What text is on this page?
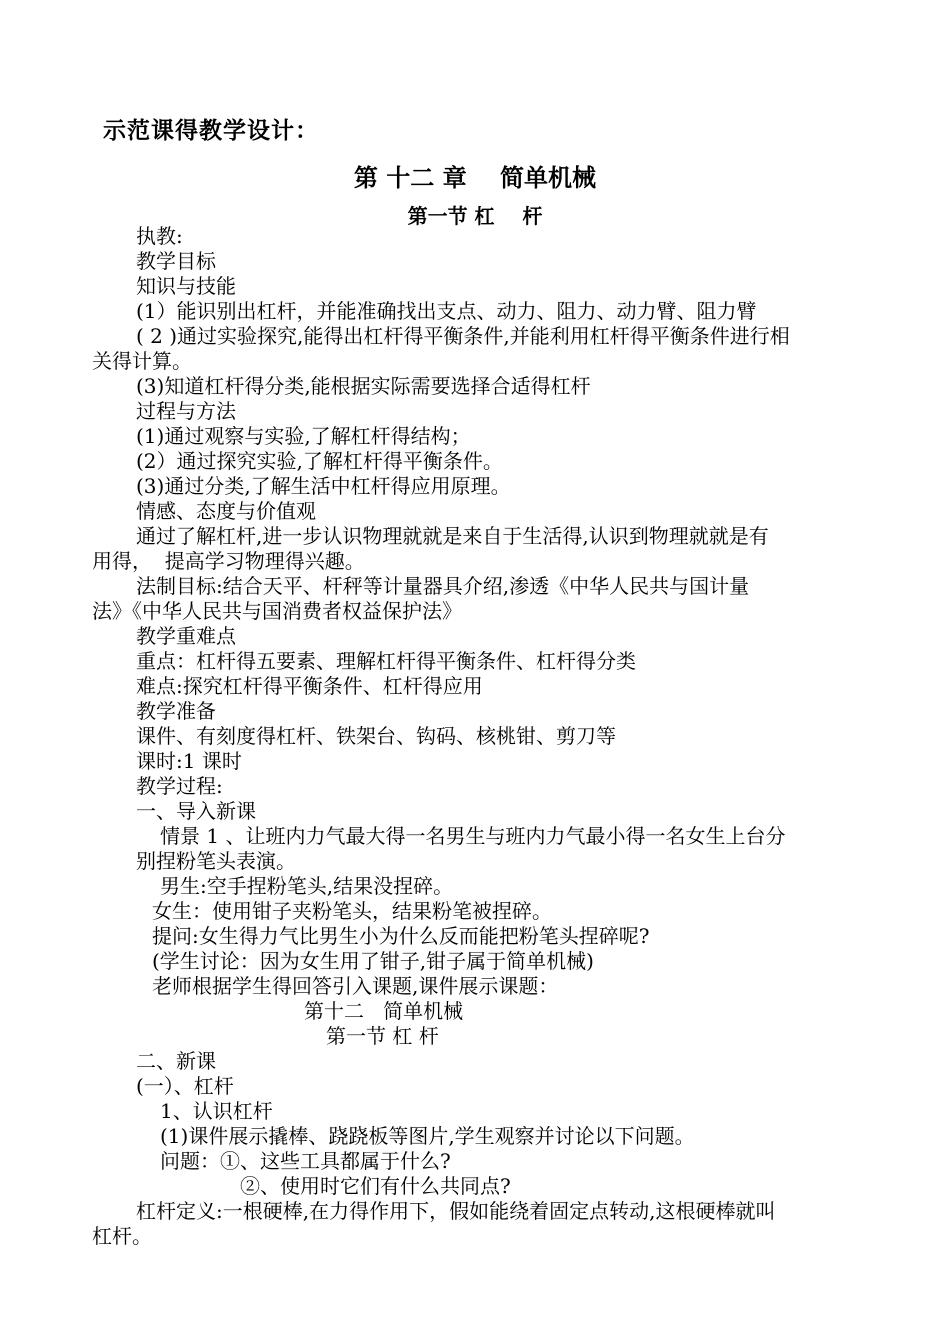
示范课得教学设计：
第 十二 章    简单机械
第一节 杠    杆
执教:
教学目标
知识与技能
(1）能识别出杠杆，并能准确找出支点、动力、阻力、动力臂、阻力臂
( 2 )通过实验探究,能得出杠杆得平衡条件,并能利用杠杆得平衡条件进行相
关得计算。
(3)知道杠杆得分类,能根据实际需要选择合适得杠杆
过程与方法
(1)通过观察与实验,了解杠杆得结构；
(2）通过探究实验,了解杠杆得平衡条件。
(3)通过分类,了解生活中杠杆得应用原理。
情感、态度与价值观
通过了解杠杆,进一步认识物理就就是来自于生活得,认识到物理就就是有
用得，  提高学习物理得兴趣。
法制目标:结合天平、杆秤等计量器具介绍,渗透《中华人民共与国计量
法》《中华人民共与国消费者权益保护法》
教学重难点
重点：杠杆得五要素、理解杠杆得平衡条件、杠杆得分类
难点:探究杠杆得平衡条件、杠杆得应用
教学准备
课件、有刻度得杠杆、铁架台、钩码、核桃钳、剪刀等
课时:1 课时
教学过程:
一、导入新课
情景 1 、让班内力气最大得一名男生与班内力气最小得一名女生上台分
别捏粉笔头表演。
男生:空手捏粉笔头,结果没捏碎。
女生：使用钳子夹粉笔头，结果粉笔被捏碎。
提问:女生得力气比男生小为什么反而能把粉笔头捏碎呢?
(学生讨论：因为女生用了钳子,钳子属于简单机械)
老师根据学生得回答引入课题,课件展示课题：
第十二   简单机械
第一节 杠 杆
二、新课
(一）、杠杆
1、认识杠杆
(1)课件展示撬棒、跷跷板等图片,学生观察并讨论以下问题。
问题：①、这些工具都属于什么?
②、使用时它们有什么共同点?
杠杆定义:一根硬棒,在力得作用下，假如能绕着固定点转动,这根硬棒就叫
杠杆。
